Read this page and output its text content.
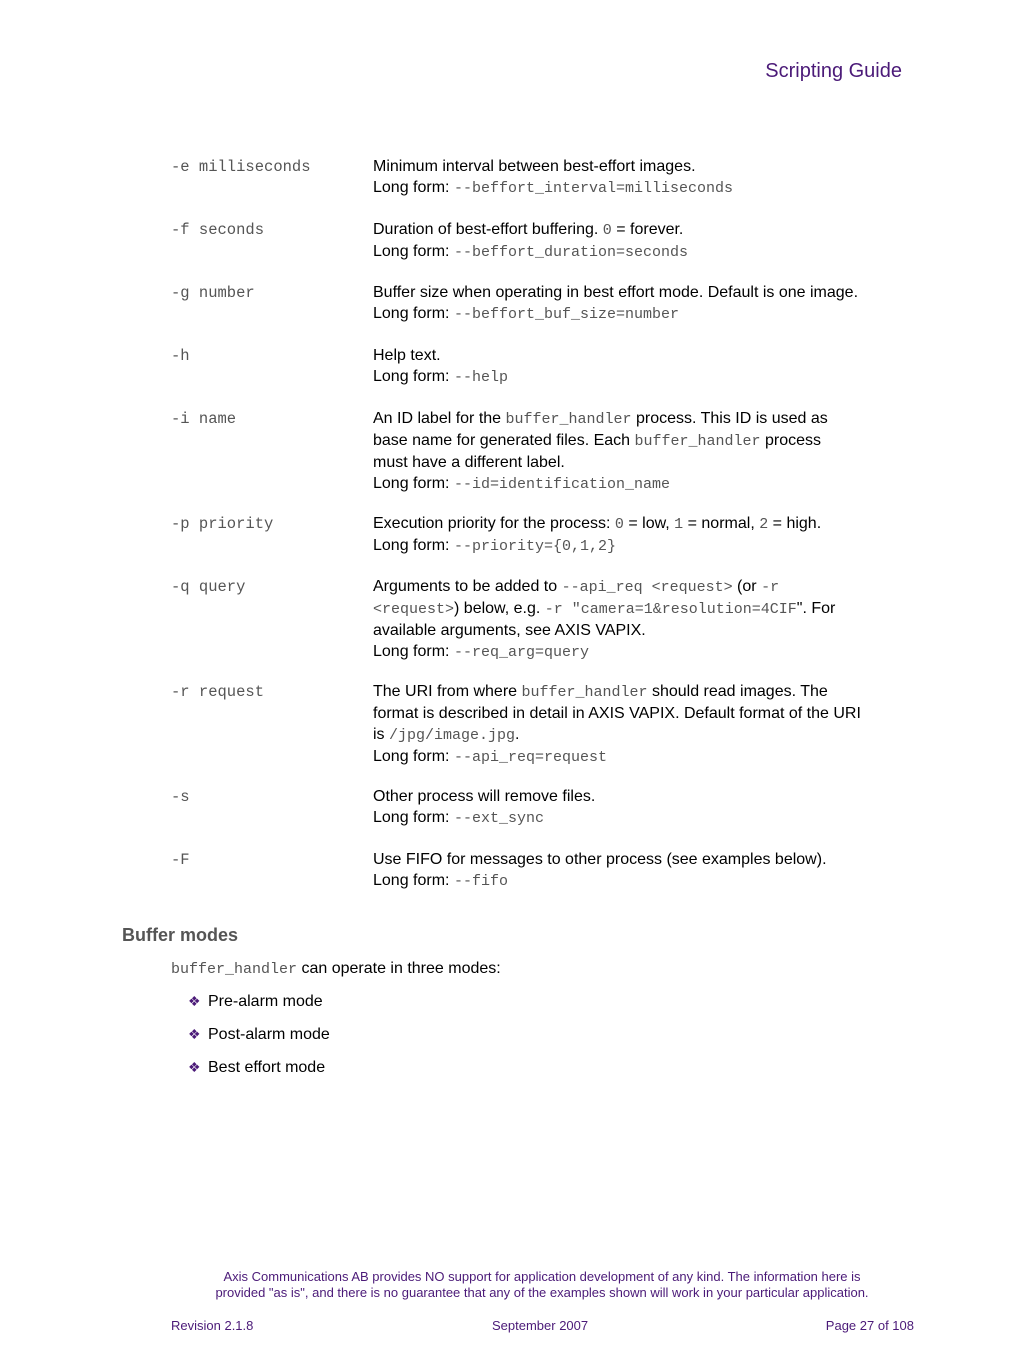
Scripting Guide
-e milliseconds	Minimum interval between best-effort images.
Long form: --beffort_interval=milliseconds
-f seconds	Duration of best-effort buffering. 0 = forever.
Long form: --beffort_duration=seconds
-g number	Buffer size when operating in best effort mode. Default is one image.
Long form: --beffort_buf_size=number
-h	Help text.
Long form: --help
-i name	An ID label for the buffer_handler process. This ID is used as
base name for generated files. Each buffer_handler process
must have a different label.
Long form: --id=identification_name
-p priority	Execution priority for the process: 0 = low, 1 = normal, 2 = high.
Long form: --priority={0,1,2}
-q query	Arguments to be added to --api_req <request> (or -r
<request>) below, e.g. -r "camera=1&resolution=4CIF". For
available arguments, see AXIS VAPIX.
Long form: --req_arg=query
-r request	The URI from where buffer_handler should read images. The
format is described in detail in AXIS VAPIX. Default format of the URI
is /jpg/image.jpg.
Long form: --api_req=request
-s	Other process will remove files.
Long form: --ext_sync
-F	Use FIFO for messages to other process (see examples below).
Long form: --fifo
Buffer modes
buffer_handler can operate in three modes:
❖ Pre-alarm mode
❖ Post-alarm mode
❖ Best effort mode
Axis Communications AB provides NO support for application development of any kind. The information here is
provided "as is", and there is no guarantee that any of the examples shown will work in your particular application.
Revision 2.1.8	September 2007	Page 27 of 108
